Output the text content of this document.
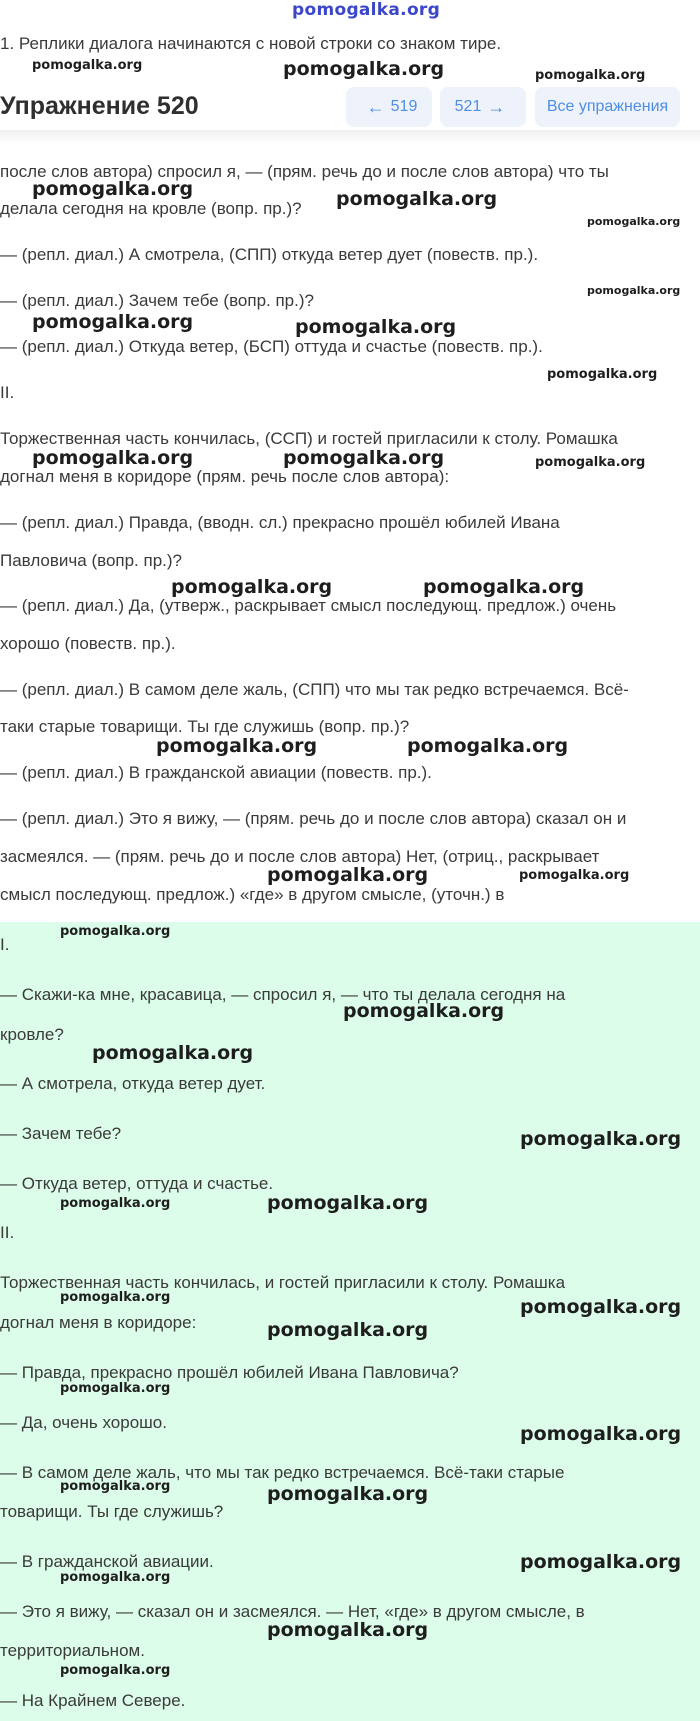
pomogalka.org
1. Реплики диалога начинаются с новой строки со знаком тире.
Упражнение 520	← 519 521 →	Все упражнения
после слов автора) спросил я, — (прям. речь до и после слов автора) что ты
делала сегодня на кровле (вопр. пр.)?
— (репл. диал.) А смотрела, (СПП) откуда ветер дует (повеств. пр.).
— (репл. диал.) Зачем тебе (вопр. пр.)?
— (репл. диал.) Откуда ветер, (БСП) оттуда и счастье (повеств. пр.).
II.
Торжественная часть кончилась, (ССП) и гостей пригласили к столу. Ромашка
догнал меня в коридоре (прям. речь после слов автора):
— (репл. диал.) Правда, (вводн. сл.) прекрасно прошёл юбилей Ивана
Павловича (вопр. пр.)?
— (репл. диал.) Да, (утверж., раскрывает смысл последующ. предлож.) очень
хорошо (повеств. пр.).
— (репл. диал.) В самом деле жаль, (СПП) что мы так редко встречаемся. Всё-
таки старые товарищи. Ты где служишь (вопр. пр.)?
— (репл. диал.) В гражданской авиации (повеств. пр.).
— (репл. диал.) Это я вижу, — (прям. речь до и после слов автора) сказал он и
засмеялся. — (прям. речь до и после слов автора) Нет, (отриц., раскрывает
смысл последующ. предлож.) «где» в другом смысле, (уточн.) в
I.
— Скажи-ка мне, красавица, — спросил я, — что ты делала сегодня на
кровле?
— А смотрела, откуда ветер дует.
— Зачем тебе?
— Откуда ветер, оттуда и счастье.
II.
Торжественная часть кончилась, и гостей пригласили к столу. Ромашка
догнал меня в коридоре:
— Правда, прекрасно прошёл юбилей Ивана Павловича?
— Да, очень хорошо.
— В самом деле жаль, что мы так редко встречаемся. Всё-таки старые
товарищи. Ты где служишь?
— В гражданской авиации.
— Это я вижу, — сказал он и засмеялся. — Нет, «где» в другом смысле, в
территориальном.
— На Крайнем Севере.
pomogalka.org	pomogalka.org	pomogalka.org
pomogalka.org	pomogalka.org
pomogalka.org
pomogalka.org
pomogalka.org	pomogalka.org
pomogalka.org
pomogalka.org	pomogalka.org	pomogalka.org
pomogalka.org	pomogalka.org
pomogalka.org	pomogalka.org
pomogalka.org	pomogalka.org
pomogalka.org
pomogalka.org
pomogalka.org
pomogalka.org
pomogalka.org	pomogalka.org
pomogalka.org	pomogalka.org
pomogalka.org
pomogalka.org
pomogalka.org
pomogalka.org	pomogalka.org
pomogalka.org
pomogalka.org
pomogalka.org
pomogalka.org
